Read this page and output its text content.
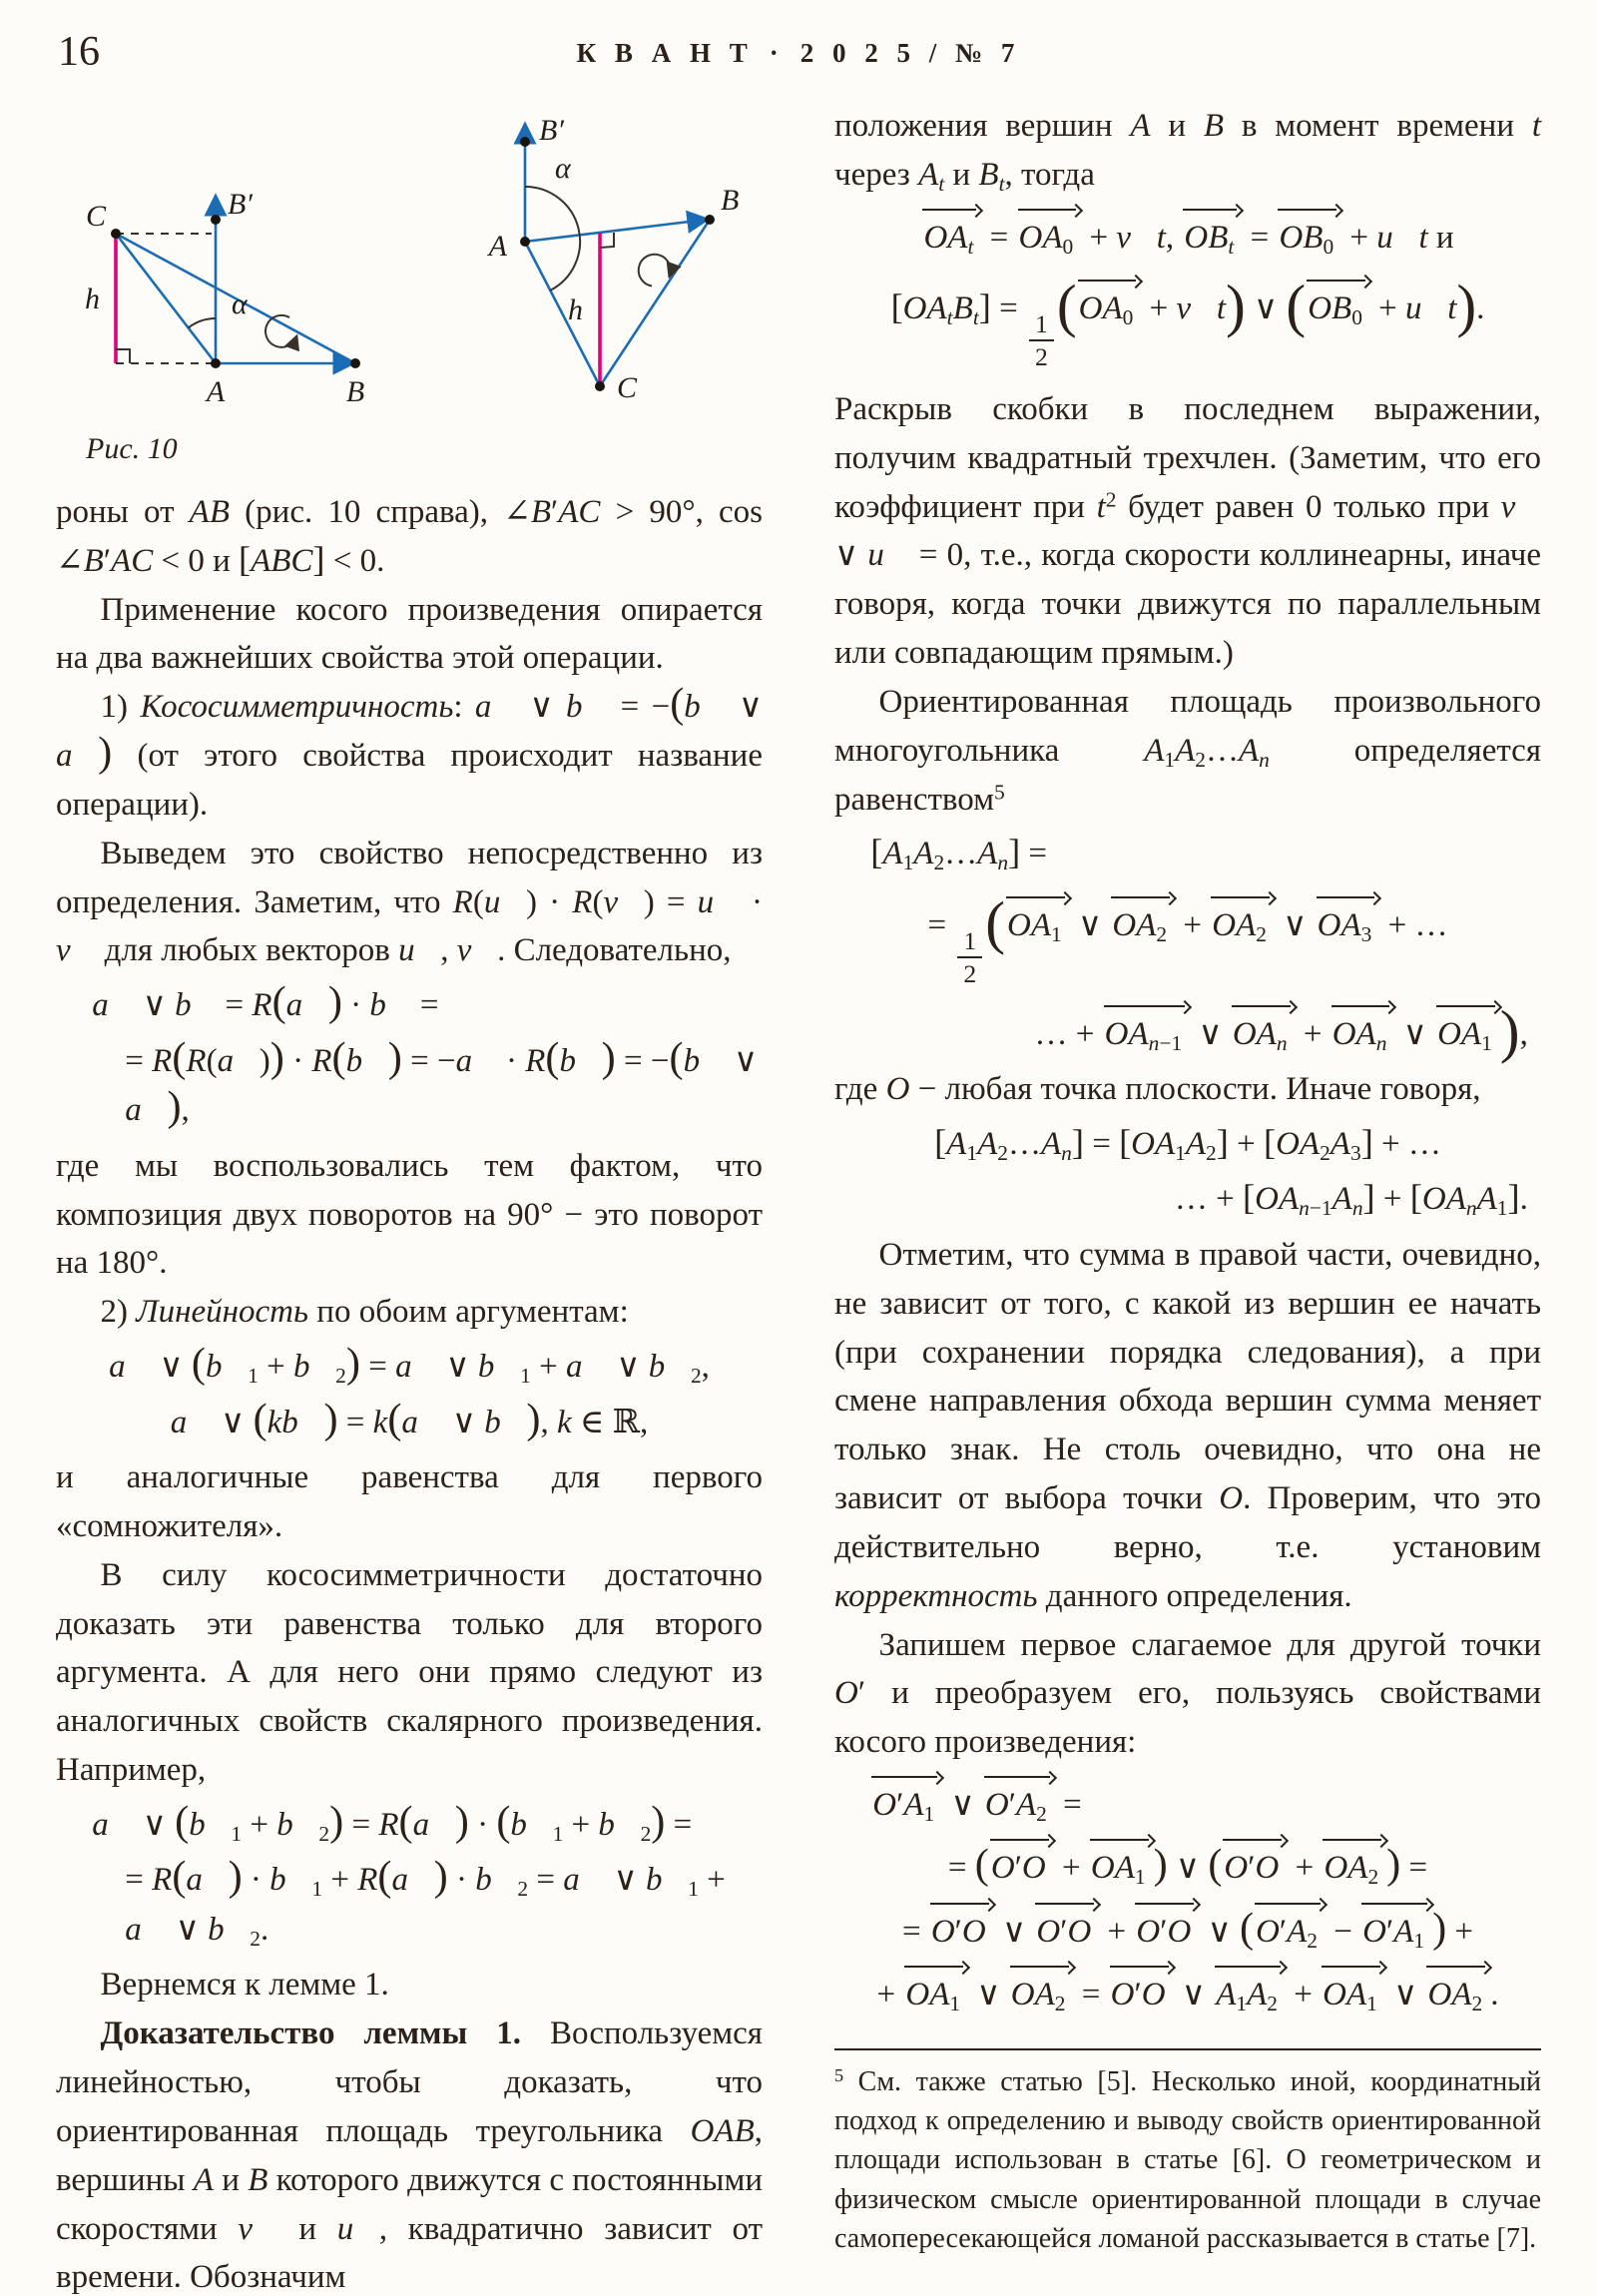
16	К В А Н Т · 2 0 2 5 / № 7
C	B′
h	α
A	B
B′
α
A
B
h
C
Рис. 10

роны от AB (рис. 10 справа), ∠B′AC > 90°, cos ∠B′AC < 0 и [ABC] < 0.

Применение косого произведения опирается на два важнейших свойства этой операции.

1) Кососимметричность: a⃗ ∨ b⃗ = −(b⃗ ∨ a⃗) (от этого свойства происходит название операции).

Выведем это свойство непосредственно из определения. Заметим, что R(u⃗) · R(v⃗) = u⃗ · v⃗ для любых векторов u⃗, v⃗. Следовательно,

a⃗ ∨ b⃗ = R(a⃗) · b⃗ =
= R(R(a⃗)) · R(b⃗) = −a⃗ · R(b⃗) = −(b⃗ ∨ a⃗),

где мы воспользовались тем фактом, что композиция двух поворотов на 90° − это поворот на 180°.

2) Линейность по обоим аргументам:

a⃗ ∨ ($b⃗_1$ + $b⃗_2$) = a⃗ ∨ $b⃗_1$ + a⃗ ∨ $b⃗_2$,
a⃗ ∨ (kb⃗) = k(a⃗ ∨ b⃗), k ∈ ℝ,

и аналогичные равенства для первого «сомножителя».

В силу кососимметричности достаточно доказать эти равенства только для второго аргумента. А для него они прямо следуют из аналогичных свойств скалярного произведения. Например,

a⃗ ∨ ($b⃗_1$ + $b⃗_2$) = R(a⃗) · ($b⃗_1$ + $b⃗_2$) =
= R(a⃗) · $b⃗_1$ + R(a⃗) · $b⃗_2$ = a⃗ ∨ $b⃗_1$ + a⃗ ∨ $b⃗_2$.

Вернемся к лемме 1.

Доказательство леммы 1. Воспользуемся линейностью, чтобы доказать, что ориентированная площадь треугольника OAB, вершины A и B которого движутся с постоянными скоростями v⃗ и u⃗, квадратично зависит от времени. Обозначим

положения вершин A и B в момент времени t через $A_t$ и $B_t$, тогда

$OA_t = OA_0$ + v⃗t, $OB_t = OB_0$ + u⃗t и
$[OA_tB_t]$ =
$\frac{1}{2}$
($OA_0$ + v⃗t) ∨ ($OB_0$ + u⃗t).

Раскрыв скобки в последнем выражении, получим квадратный трехчлен. (Заметим, что его коэффициент при $t^2$ будет равен 0 только при v⃗ ∨ u⃗ = 0, т.е., когда скорости коллинеарны, иначе говоря, когда точки движутся по параллельным или совпадающим прямым.)

Ориентированная площадь произвольного многоугольника $A_1A_2\dots A_n$ определяется равенством$^5$

$[A_1A_2\dots A_n]$ =
=
$\frac{1}{2}$
($OA_1$ ∨ $OA_2 + OA_2$ ∨ $OA_3$ + …
… + $OA_{n-1}$ ∨ $OA_n + OA_n$ ∨ $OA_1$ ),

где O − любая точка плоскости. Иначе говоря,

$[A_1A_2\dots A_n] = [OA_1A_2] + [OA_2A_3]$ + …
… + $[OA_{n-1}A_n] + [OA_nA_1]$.

Отметим, что сумма в правой части, очевидно, не зависит от того, с какой из вершин ее начать (при сохранении порядка следования), а при смене направления обхода вершин сумма меняет только знак. Не столь очевидно, что она не зависит от выбора точки O. Проверим, что это действительно верно, т.е. установим корректность данного определения.

Запишем первое слагаемое для другой точки O′ и преобразуем его, пользуясь свойствами косого произведения:

$O'A_1$ ∨ $O'A_2$ =
= ($O'O + OA_1$ ) ∨ ($O'O + OA_2$ ) =
= O′O ∨ O′O + O′O ∨ ($O'A_2 - O'A_1$ ) +
+ $OA_1$ ∨ $OA_2 = O'O$ ∨ $A_1A_2 + OA_1$ ∨ $OA_2$ .

$^5$ См. также статью [5]. Несколько иной, координатный подход к определению и выводу свойств ориентированной площади использован в статье [6]. О геометрическом и физическом смысле ориентированной площади в случае самопересекающейся ломаной рассказывается в статье [7].
